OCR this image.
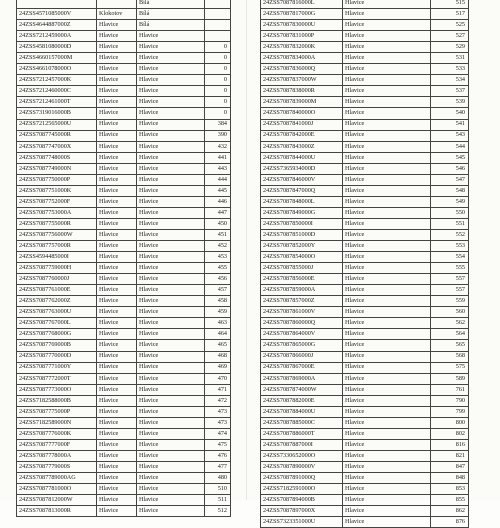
		Bílá	
24ZSS4571085000V	Klokotov	Bílá	
24ZSS4644887000Z	Hlavice	Bílá	
24ZSS7212459000A	Hlavice	Hlavice	
24ZSS4581080000D	Hlavice	Hlavice	0
24ZSS4660157000M	Hlavice	Hlavice	0
24ZSS4661078000O	Hlavice	Hlavice	0
24ZSS7212457000K	Hlavice	Hlavice	0
24ZSS7212460000C	Hlavice	Hlavice	0
24ZSS7212461000T	Hlavice	Hlavice	0
24ZSS7319016000B	Hlavice	Hlavice	0
24ZSS7212565000U	Hlavice	Hlavice	384
24ZSS7087745000R	Hlavice	Hlavice	390
24ZSS7087747000X	Hlavice	Hlavice	432
24ZSS7087748000S	Hlavice	Hlavice	441
24ZSS7087749000N	Hlavice	Hlavice	443
24ZSS7087750000P	Hlavice	Hlavice	444
24ZSS7087751000K	Hlavice	Hlavice	445
24ZSS7087752000F	Hlavice	Hlavice	446
24ZSS7087753000A	Hlavice	Hlavice	447
24ZSS7087755000R	Hlavice	Hlavice	450
24ZSS7087756000W	Hlavice	Hlavice	451
24ZSS7087757000R	Hlavice	Hlavice	452
24ZSS4594485000I	Hlavice	Hlavice	453
24ZSS7087759000H	Hlavice	Hlavice	455
24ZSS7087760000J	Hlavice	Hlavice	456
24ZSS7087761000E	Hlavice	Hlavice	457
24ZSS7087762000Z	Hlavice	Hlavice	458
24ZSS7087763000U	Hlavice	Hlavice	459
24ZSS7087767000L	Hlavice	Hlavice	463
24ZSS7087768000G	Hlavice	Hlavice	464
24ZSS7087769000B	Hlavice	Hlavice	465
24ZSS7087770000D	Hlavice	Hlavice	468
24ZSS7087771000Y	Hlavice	Hlavice	469
24ZSS7087772000T	Hlavice	Hlavice	470
24ZSS7087773000O	Hlavice	Hlavice	471
24ZSS7182588000B	Hlavice	Hlavice	472
24ZSS7087775000P	Hlavice	Hlavice	473
24ZSS7182589000N	Hlavice	Hlavice	473
24ZSS7087776000K	Hlavice	Hlavice	474
24ZSS7087777000F	Hlavice	Hlavice	475
24ZSS7087778000A	Hlavice	Hlavice	476
24ZSS7087779000S	Hlavice	Hlavice	477
24ZSS7087789000AG	Hlavice	Hlavice	480
24ZSS7087781000O	Hlavice	Hlavice	510
24ZSS7087812000W	Hlavice	Hlavice	511
24ZSS7087813000R	Hlavice	Hlavice	512
24ZSS7087816000L	Hlavice	515
24ZSS7087817000G	Hlavice	517
24ZSS7087830000U	Hlavice	525
24ZSS7087831000P	Hlavice	527
24ZSS7087832000K	Hlavice	529
24ZSS7087834000A	Hlavice	531
24ZSS7087836000Q	Hlavice	533
24ZSS7087837000W	Hlavice	534
24ZSS7087838000R	Hlavice	537
24ZSS7087839000M	Hlavice	539
24ZSS7087840000O	Hlavice	540
24ZSS7087841000J	Hlavice	541
24ZSS7087842000E	Hlavice	543
24ZSS7087843000Z	Hlavice	544
24ZSS7087844000U	Hlavice	545
24ZSS7365934000D	Hlavice	546
24ZSS7087846000V	Hlavice	547
24ZSS7087847000Q	Hlavice	548
24ZSS7087848000L	Hlavice	549
24ZSS7087849000G	Hlavice	550
24ZSS7087850000I	Hlavice	551
24ZSS7087851000D	Hlavice	552
24ZSS7087852000Y	Hlavice	553
24ZSS7087854000O	Hlavice	554
24ZSS7087855000J	Hlavice	555
24ZSS7087856000E	Hlavice	557
24ZSS7087859000A	Hlavice	557
24ZSS7087857000Z	Hlavice	559
24ZSS7087861000V	Hlavice	560
24ZSS7087860000Q	Hlavice	562
24ZSS7087864000V	Hlavice	564
24ZSS7087865000G	Hlavice	565
24ZSS7087866000J	Hlavice	568
24ZSS7087867000E	Hlavice	575
24ZSS7087869000A	Hlavice	589
24ZSS7087874000W	Hlavice	761
24ZSS7087882000E	Hlavice	790
24ZSS7087884000U	Hlavice	799
24ZSS7087885000C	Hlavice	800
24ZSS7087886000T	Hlavice	802
24ZSS7087887000I	Hlavice	816
24ZSS7330652000O	Hlavice	821
24ZSS7087890000V	Hlavice	847
24ZSS7087891000Q	Hlavice	848
24ZSS7182591000O	Hlavice	853
24ZSS7087894000B	Hlavice	855
24ZSS7087897000X	Hlavice	862
24ZSS7323351000U	Hlavice	876
